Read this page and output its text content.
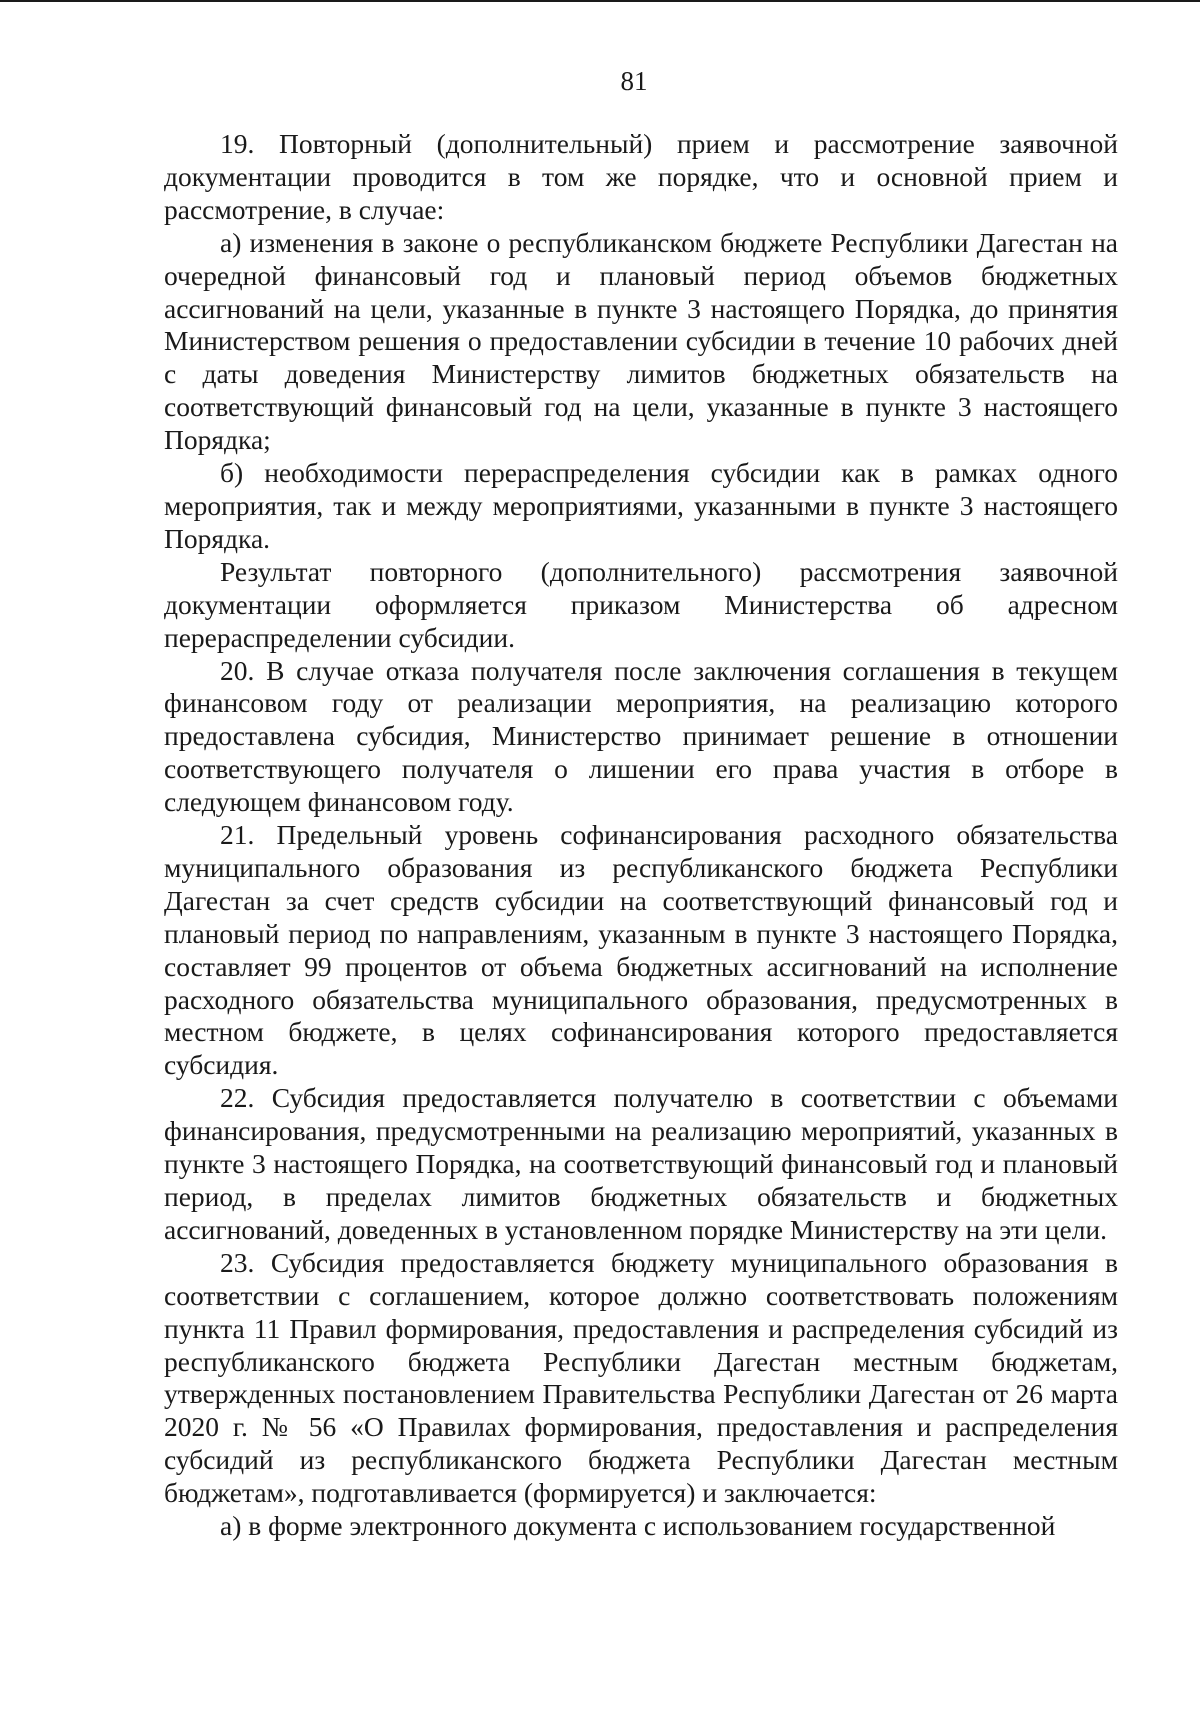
81

19. Повторный (дополнительный) прием и рассмотрение заявочной документации проводится в том же порядке, что и основной прием и рассмотрение, в случае:

а) изменения в законе о республиканском бюджете Республики Дагестан на очередной финансовый год и плановый период объемов бюджетных ассигнований на цели, указанные в пункте 3 настоящего Порядка, до принятия Министерством решения о предоставлении субсидии в течение 10 рабочих дней с даты доведения Министерству лимитов бюджетных обязательств на соответствующий финансовый год на цели, указанные в пункте 3 настоящего Порядка;

б) необходимости перераспределения субсидии как в рамках одного мероприятия, так и между мероприятиями, указанными в пункте 3 настоящего Порядка.

Результат повторного (дополнительного) рассмотрения заявочной документации оформляется приказом Министерства об адресном перераспределении субсидии.

20. В случае отказа получателя после заключения соглашения в текущем финансовом году от реализации мероприятия, на реализацию которого предоставлена субсидия, Министерство принимает решение в отношении соответствующего получателя о лишении его права участия в отборе в следующем финансовом году.

21. Предельный уровень софинансирования расходного обязательства муниципального образования из республиканского бюджета Республики Дагестан за счет средств субсидии на соответствующий финансовый год и плановый период по направлениям, указанным в пункте 3 настоящего Порядка, составляет 99 процентов от объема бюджетных ассигнований на исполнение расходного обязательства муниципального образования, предусмотренных в местном бюджете, в целях софинансирования которого предоставляется субсидия.

22. Субсидия предоставляется получателю в соответствии с объемами финансирования, предусмотренными на реализацию мероприятий, указанных в пункте 3 настоящего Порядка, на соответствующий финансовый год и плановый период, в пределах лимитов бюджетных обязательств и бюджетных ассигнований, доведенных в установленном порядке Министерству на эти цели.

23. Субсидия предоставляется бюджету муниципального образования в соответствии с соглашением, которое должно соответствовать положениям пункта 11 Правил формирования, предоставления и распределения субсидий из республиканского бюджета Республики Дагестан местным бюджетам, утвержденных постановлением Правительства Республики Дагестан от 26 марта 2020 г. № 56 «О Правилах формирования, предоставления и распределения субсидий из республиканского бюджета Республики Дагестан местным бюджетам», подготавливается (формируется) и заключается:

а) в форме электронного документа с использованием государственной
